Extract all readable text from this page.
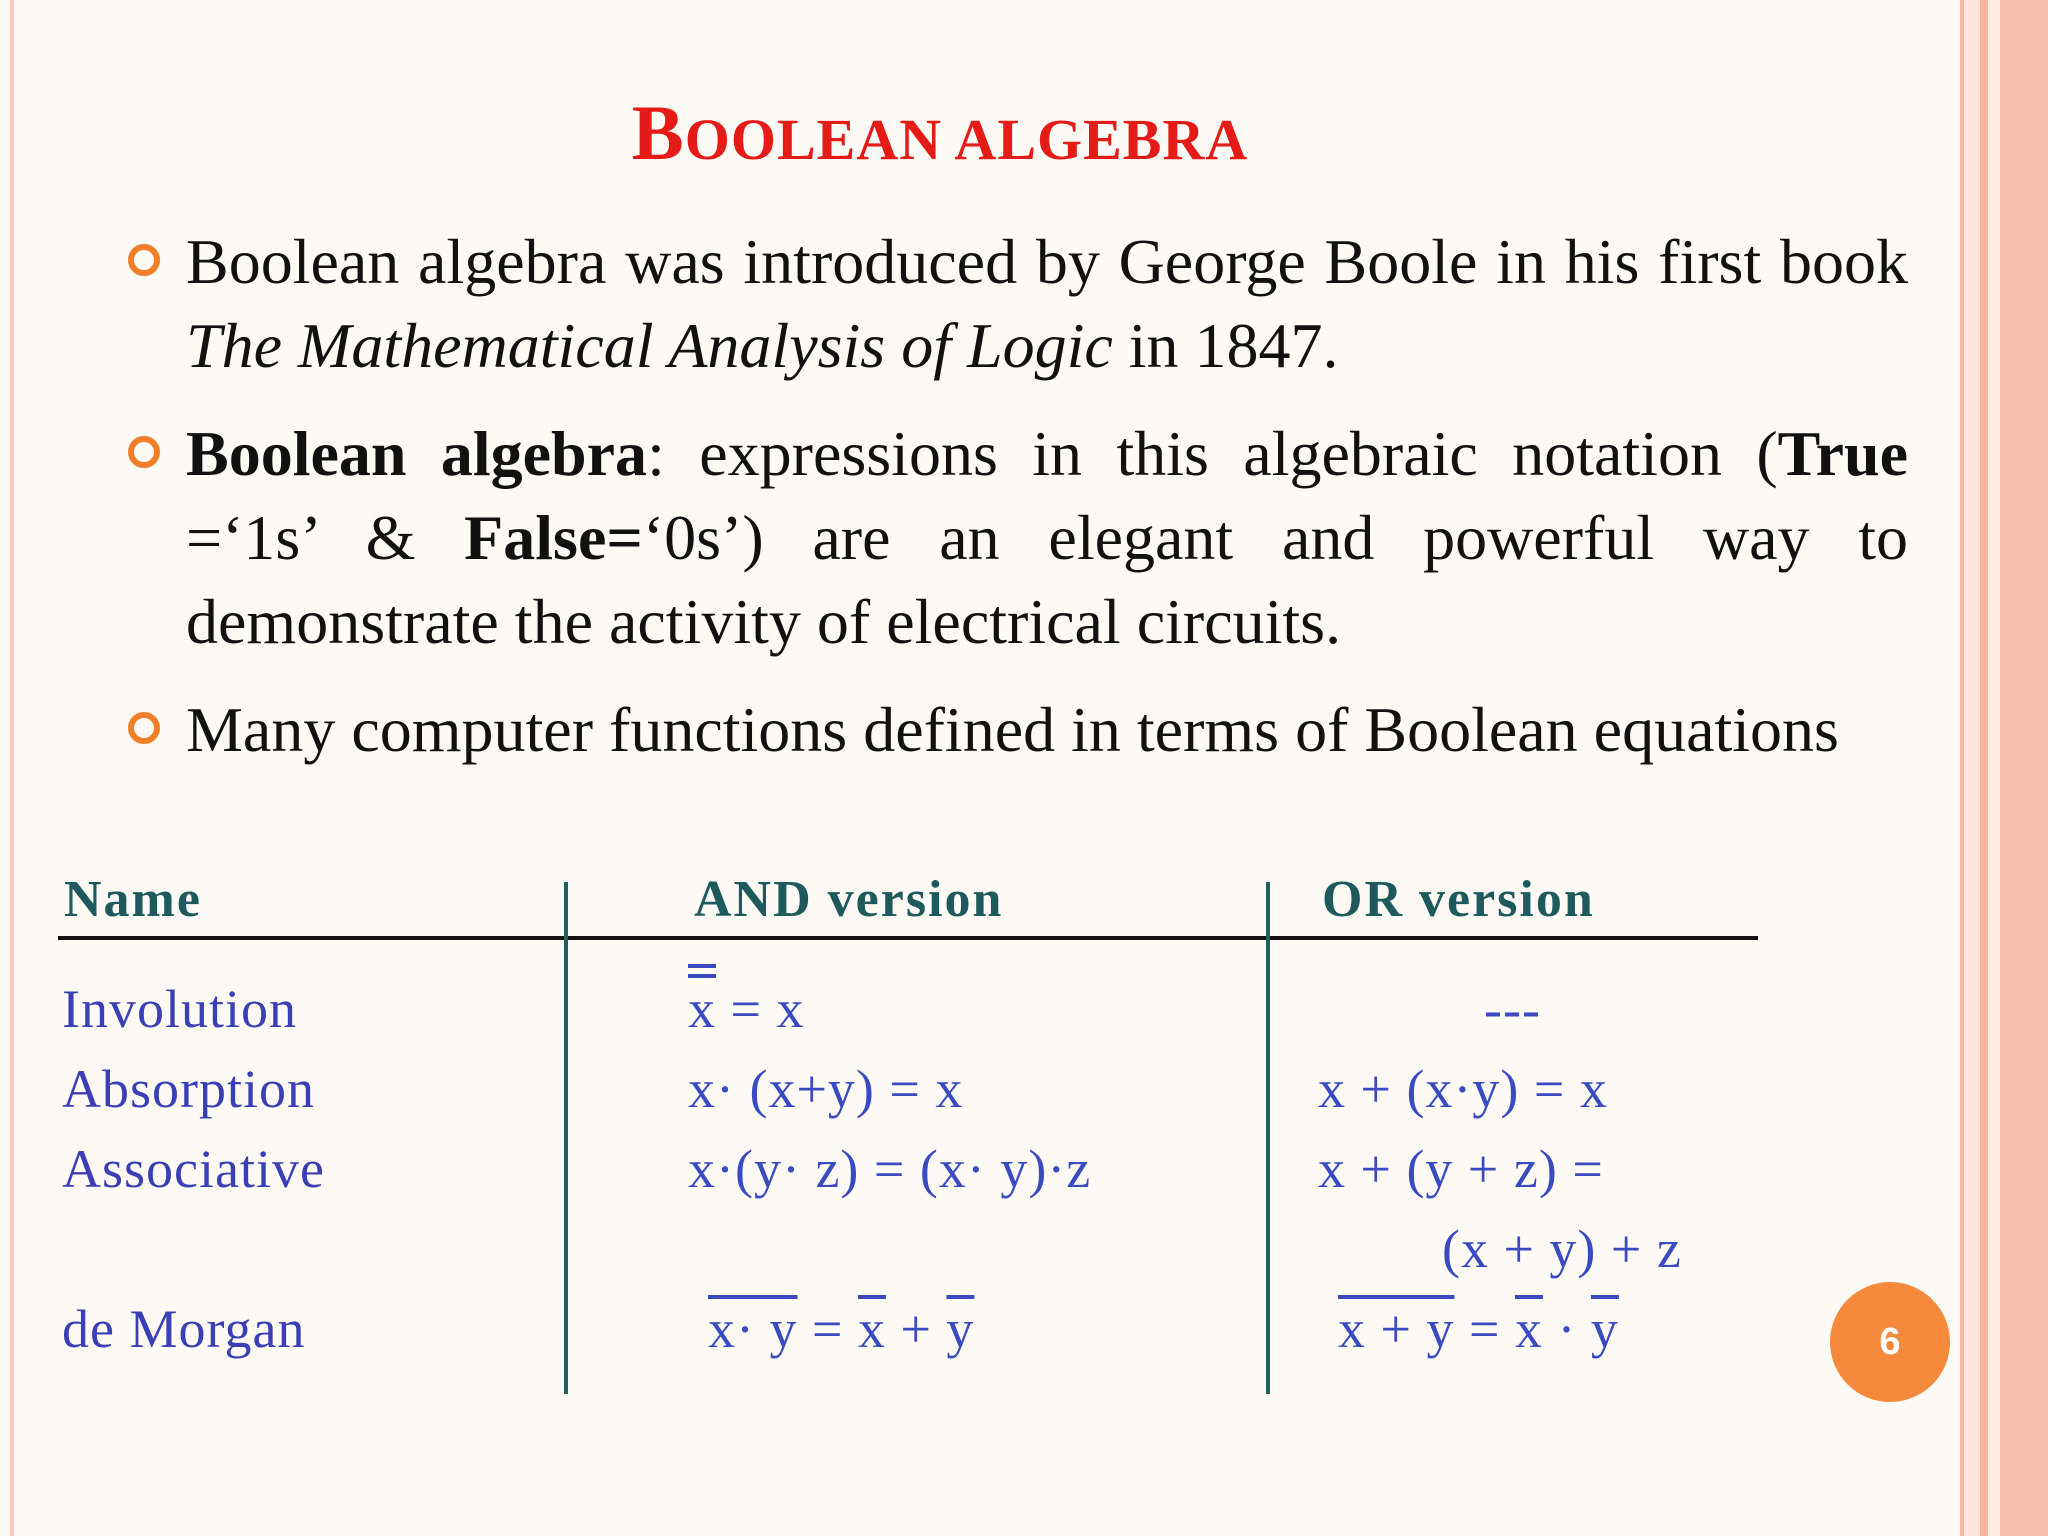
BOOLEAN ALGEBRA
Boolean algebra was introduced by George Boole in his first book The Mathematical Analysis of Logic in 1847.
Boolean algebra: expressions in this algebraic notation (True =‘1s’ & False=‘0s’) are an elegant and powerful way to demonstrate the activity of electrical circuits.
Many computer functions defined in terms of Boolean equations
Name	AND version	OR version
Involution	x = x	---
Absorption	x· (x+y) = x	x + (x·y) = x
Associative	x·(y· z) = (x· y)·z	x + (y + z) =
(x + y) + z
de Morgan	$x\cdot y = \overline{x} + \overline{y}$	$x + y = \overline{x} \cdot \overline{y}$	6
